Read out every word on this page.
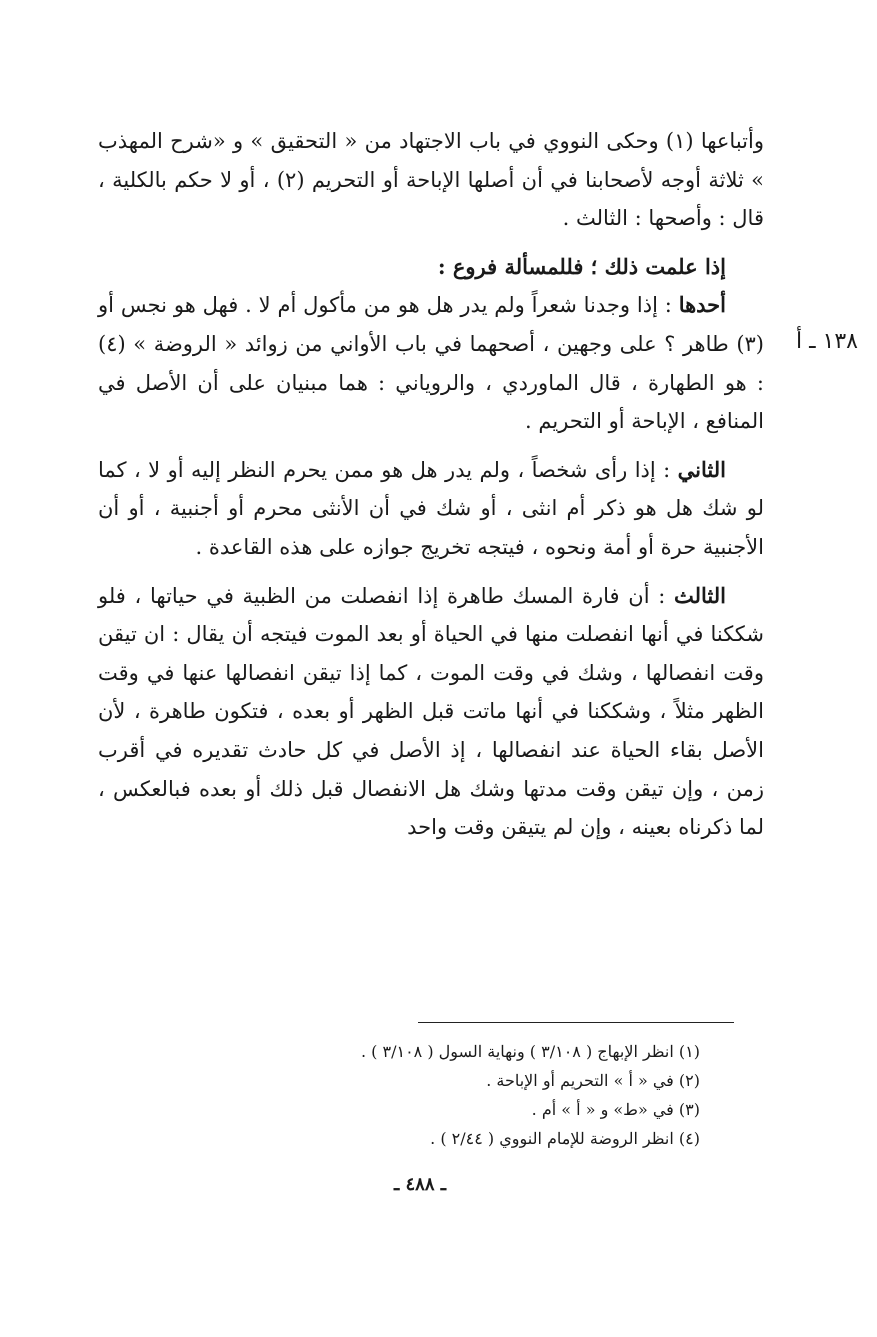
١٣٨ ـ أ

وأتباعها (١) وحكى النووي في باب الاجتهاد من « التحقيق » و «شرح المهذب » ثلاثة أوجه لأصحابنا في أن أصلها الإباحة أو التحريم (٢) ، أو لا حكم بالكلية ، قال : وأصحها : الثالث .

إذا علمت ذلك ؛ فللمسألة فروع :

أحدها : إذا وجدنا شعراً ولم يدر هل هو من مأكول أم لا . فهل هو نجس أو (٣) طاهر ؟ على وجهين ، أصحهما في باب الأواني من زوائد « الروضة » (٤) : هو الطهارة ، قال الماوردي ، والروياني : هما مبنيان على أن الأصل في المنافع ، الإباحة أو التحريم .

الثاني : إذا رأى شخصاً ، ولم يدر هل هو ممن يحرم النظر إليه أو لا ، كما لو شك هل هو ذكر أم انثى ، أو شك في أن الأنثى محرم أو أجنبية ، أو أن الأجنبية حرة أو أمة ونحوه ، فيتجه تخريج جوازه على هذه القاعدة .

الثالث : أن فارة المسك طاهرة إذا انفصلت من الظبية في حياتها ، فلو شككنا في أنها انفصلت منها في الحياة أو بعد الموت فيتجه أن يقال : ان تيقن وقت انفصالها ، وشك في وقت الموت ، كما إذا تيقن انفصالها عنها في وقت الظهر مثلاً ، وشككنا في أنها ماتت قبل الظهر أو بعده ، فتكون طاهرة ، لأن الأصل بقاء الحياة عند انفصالها ، إذ الأصل في كل حادث تقديره في أقرب زمن ، وإن تيقن وقت مدتها وشك هل الانفصال قبل ذلك أو بعده فبالعكس ، لما ذكرناه بعينه ، وإن لم يتيقن وقت واحد

(١) انظر الإبهاج ( ٣/١٠٨ ) ونهاية السول ( ٣/١٠٨ ) .
(٢) في « أ » التحريم أو الإباحة .
(٣) في «ط» و « أ » أم .
(٤) انظر الروضة للإمام النووي ( ٢/٤٤ ) .
ـ ٤٨٨ ـ
